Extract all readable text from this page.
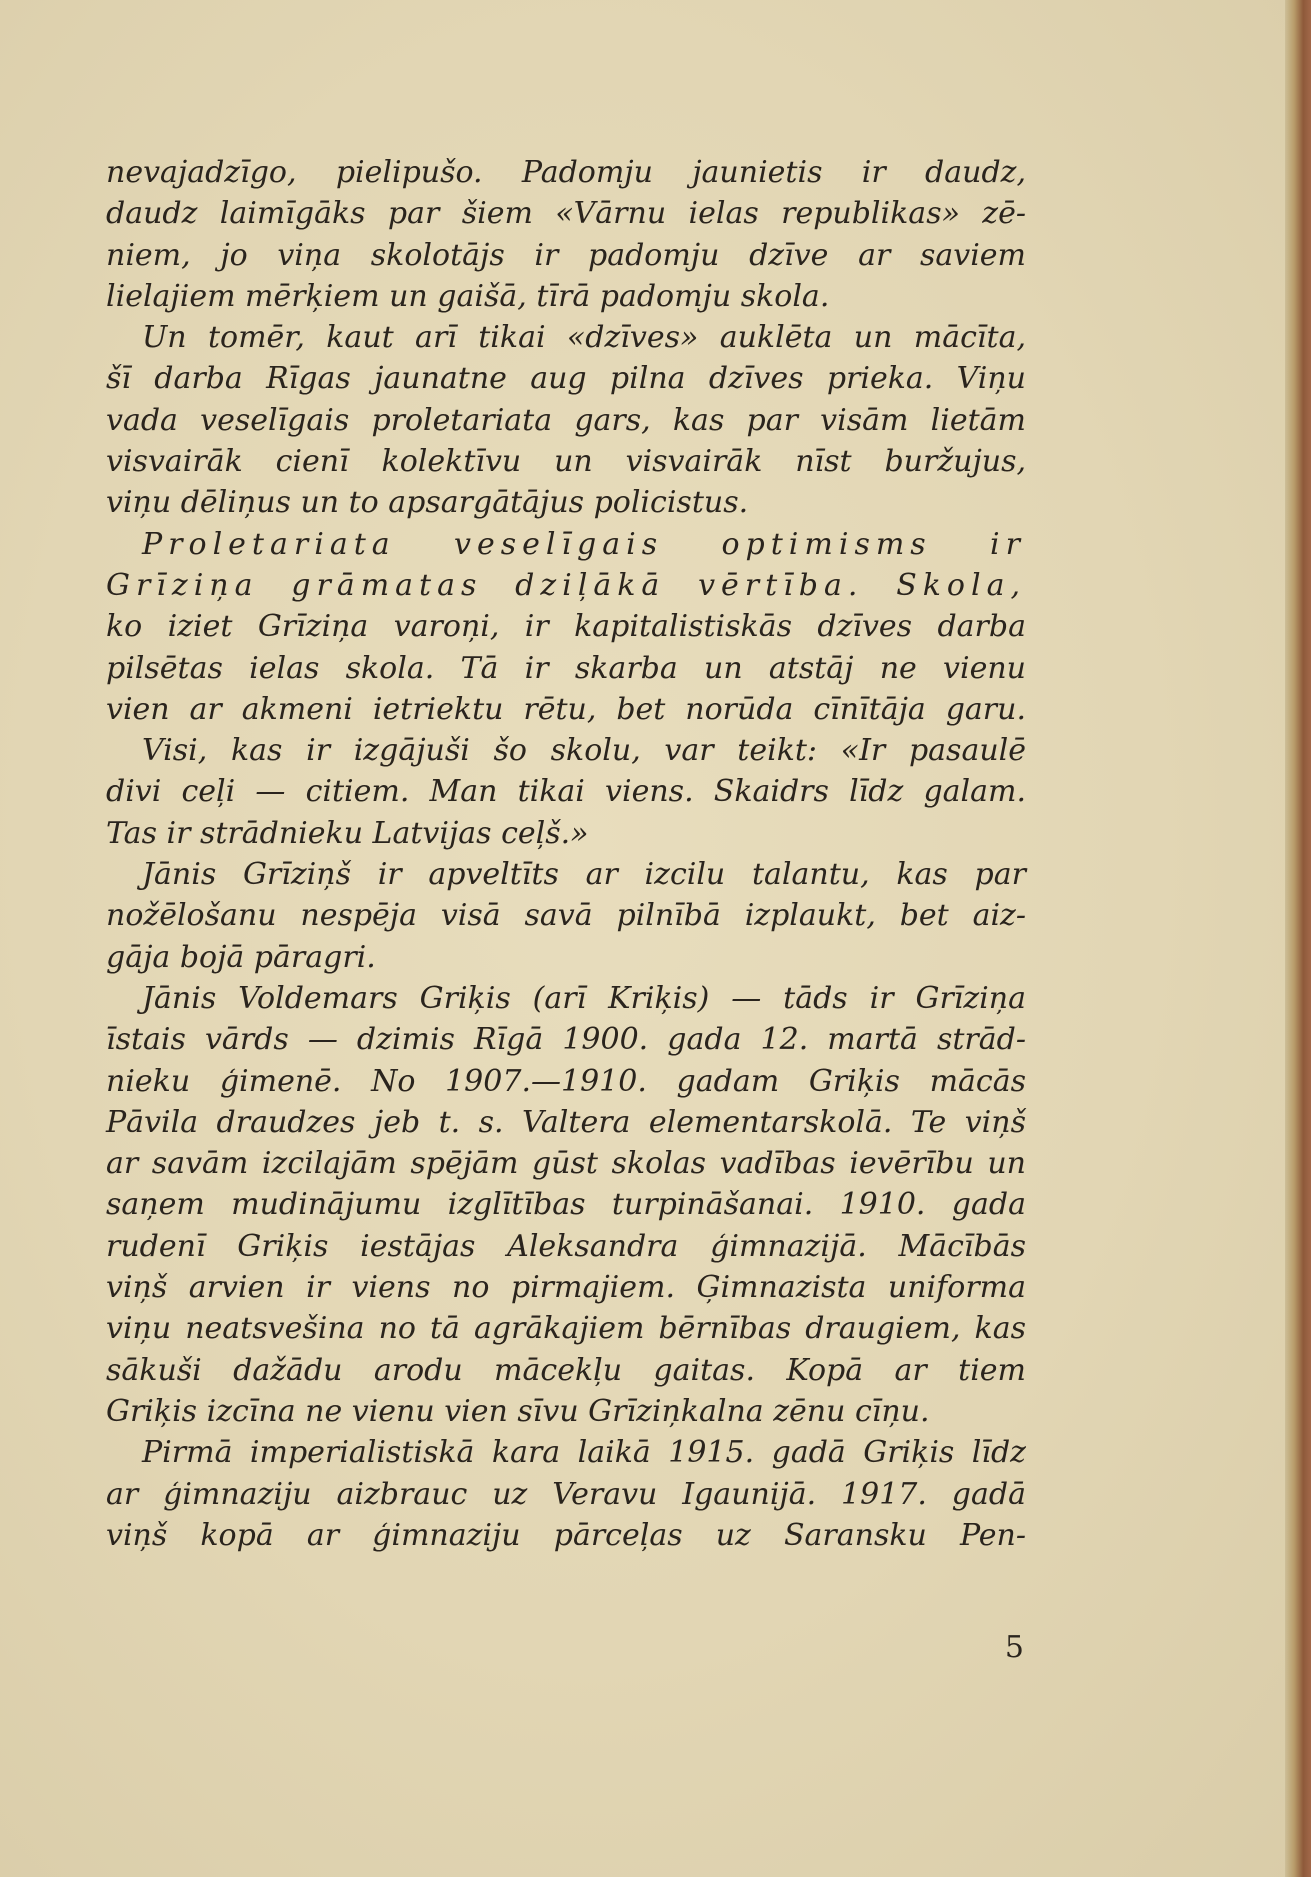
nevajadzīgo, pielipušo. Padomju jaunietis ir daudz,
daudz laimīgāks par šiem «Vārnu ielas republikas» zē-
niem, jo viņa skolotājs ir padomju dzīve ar saviem
lielajiem mērķiem un gaišā, tīrā padomju skola.
Un tomēr, kaut arī tikai «dzīves» auklēta un mācīta,
šī darba Rīgas jaunatne aug pilna dzīves prieka. Viņu
vada veselīgais proletariata gars, kas par visām lietām
visvairāk cienī kolektīvu un visvairāk nīst buržujus,
viņu dēliņus un to apsargātājus policistus.
Proletariata veselīgais optimisms ir
Grīziņa grāmatas dziļākā vērtība. Skola,
ko iziet Grīziņa varoņi, ir kapitalistiskās dzīves darba
pilsētas ielas skola. Tā ir skarba un atstāj ne vienu
vien ar akmeni ietriektu rētu, bet norūda cīnītāja garu.
Visi, kas ir izgājuši šo skolu, var teikt: «Ir pasaulē
divi ceļi — citiem. Man tikai viens. Skaidrs līdz galam.
Tas ir strādnieku Latvijas ceļš.»
Jānis Grīziņš ir apveltīts ar izcilu talantu, kas par
nožēlošanu nespēja visā savā pilnībā izplaukt, bet aiz-
gāja bojā pāragri.
Jānis Voldemars Griķis (arī Kriķis) — tāds ir Grīziņa
īstais vārds — dzimis Rīgā 1900. gada 12. martā strād-
nieku ģimenē. No 1907.—1910. gadam Griķis mācās
Pāvila draudzes jeb t. s. Valtera elementarskolā. Te viņš
ar savām izcilajām spējām gūst skolas vadības ievērību un
saņem mudinājumu izglītības turpināšanai. 1910. gada
rudenī Griķis iestājas Aleksandra ģimnazijā. Mācībās
viņš arvien ir viens no pirmajiem. Ģimnazista uniforma
viņu neatsvešina no tā agrākajiem bērnības draugiem, kas
sākuši dažādu arodu mācekļu gaitas. Kopā ar tiem
Griķis izcīna ne vienu vien sīvu Grīziņkalna zēnu cīņu.
Pirmā imperialistiskā kara laikā 1915. gadā Griķis līdz
ar ģimnaziju aizbrauc uz Veravu Igaunijā. 1917. gadā
viņš kopā ar ģimnaziju pārceļas uz Saransku Pen-
5
